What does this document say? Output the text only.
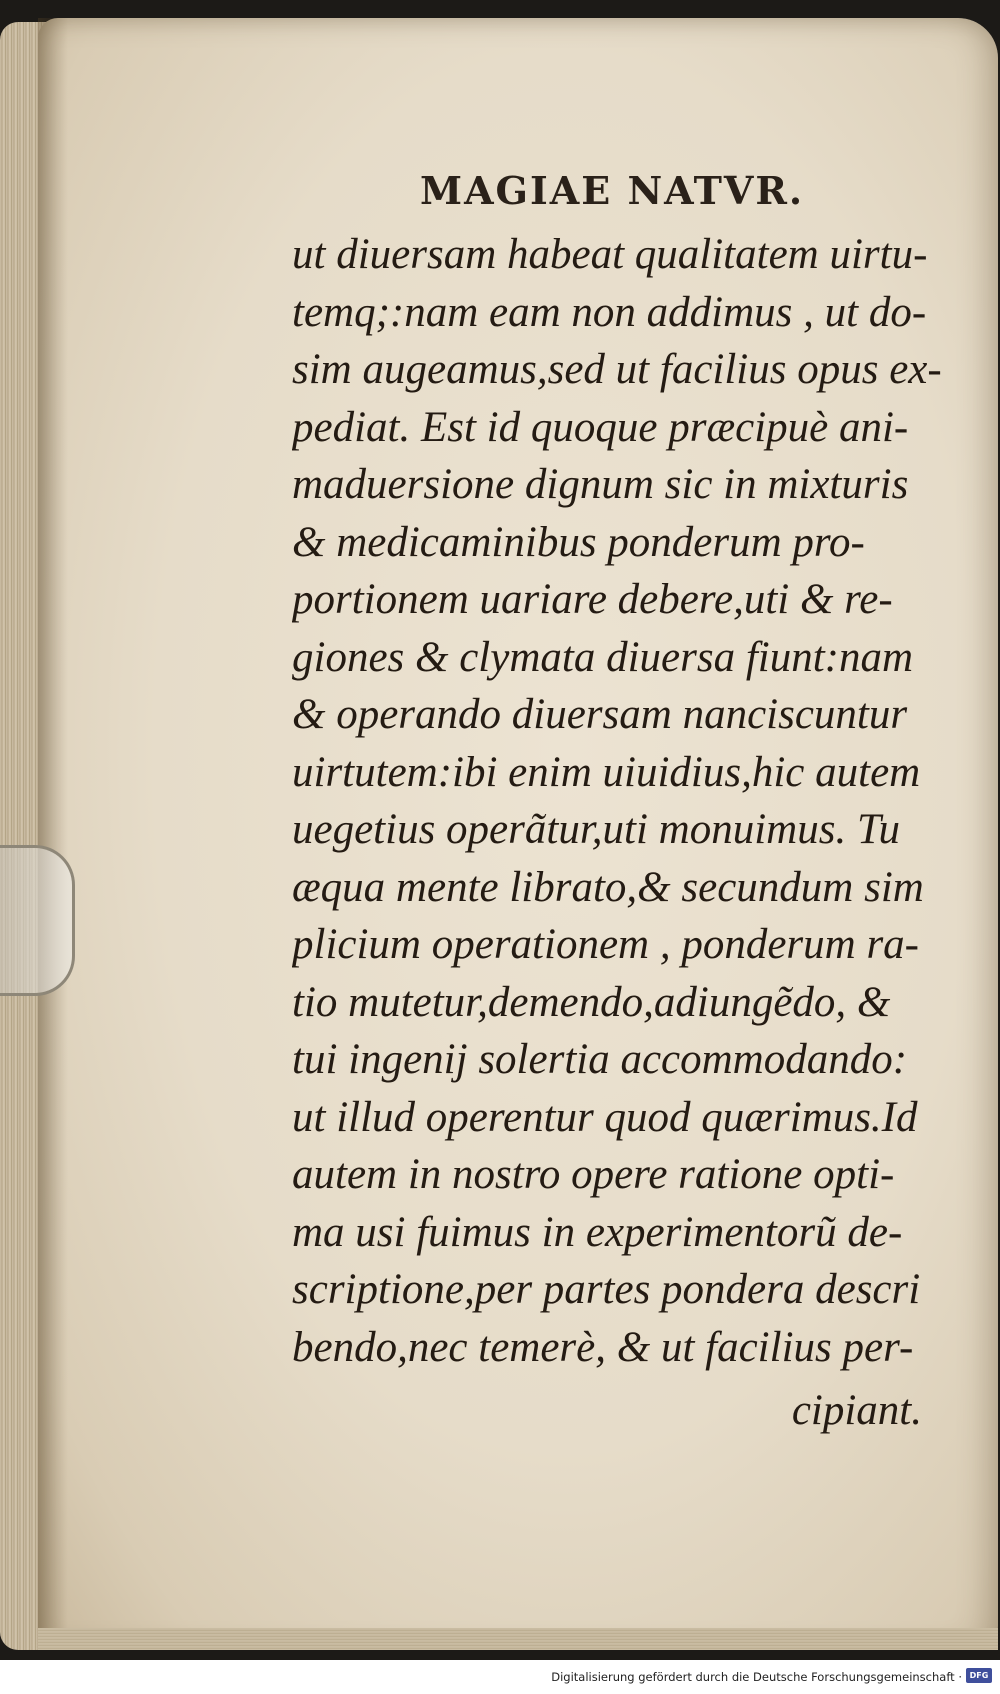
MAGIAE NATVR.
ut diuersam habeat qualitatem uirtu-
temq;:nam eam non addimus , ut do-
sim augeamus,sed ut facilius opus ex-
pediat. Est id quoque præcipuè ani-
maduersione dignum sic in mixturis
& medicaminibus ponderum pro-
portionem uariare debere,uti & re-
giones & clymata diuersa fiunt:nam
& operando diuersam nanciscuntur
uirtutem:ibi enim uiuidius,hic autem
uegetius operãtur,uti monuimus. Tu
æqua mente librato,& secundum sim
plicium operationem , ponderum ra-
tio mutetur,demendo,adiungẽdo, &
tui ingenij solertia accommodando:
ut illud operentur quod quærimus.Id
autem in nostro opere ratione opti-
ma usi fuimus in experimentorũ de-
scriptione,per partes pondera descri
bendo,nec temerè, & ut facilius per-
cipiant.
Digitalisierung gefördert durch die Deutsche Forschungsgemeinschaft · DFG
